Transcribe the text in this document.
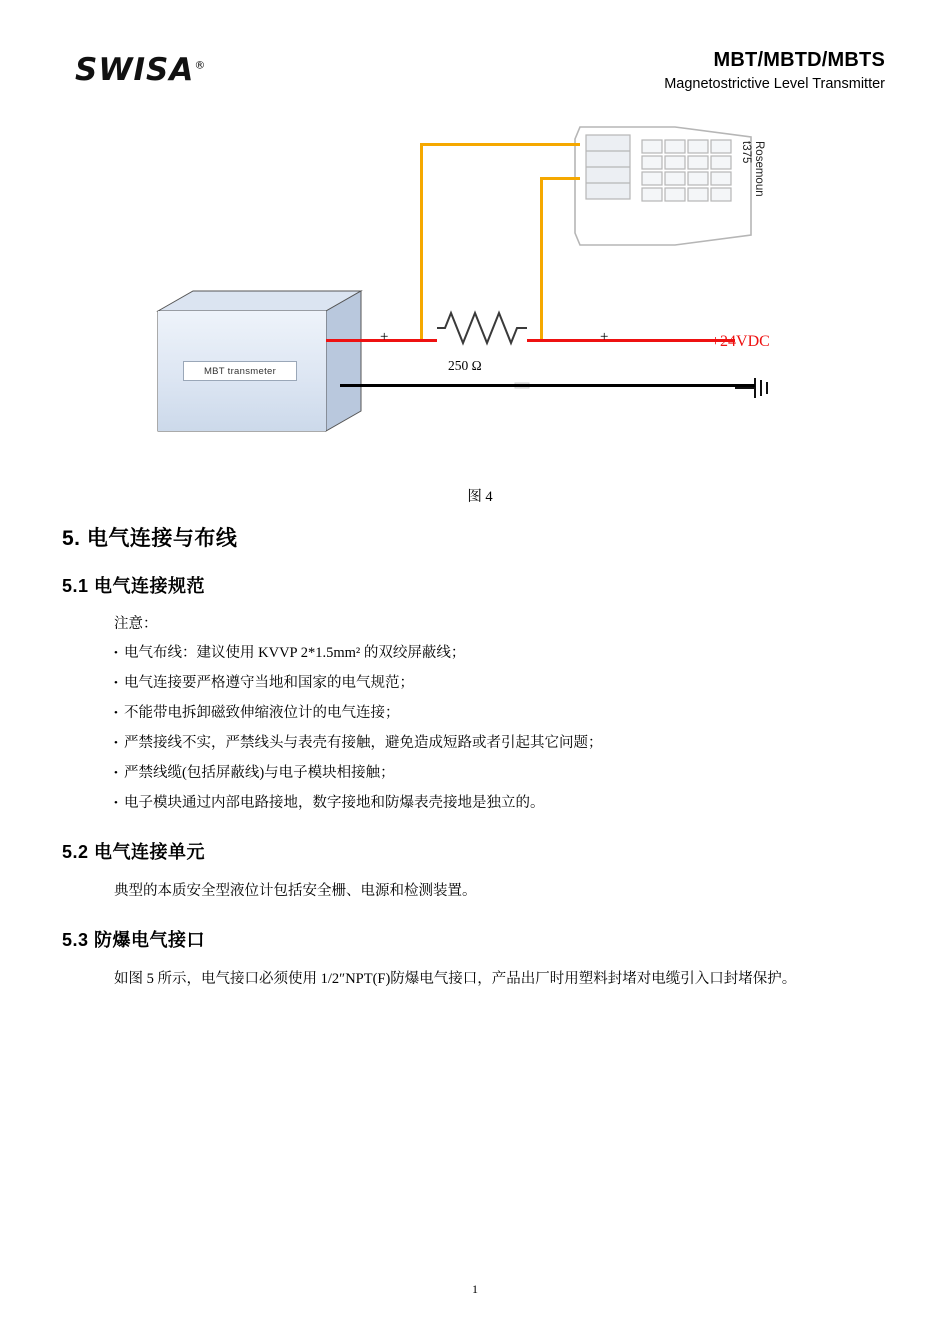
SWISA®	MBT/MBTD/MBTS
Magnetostrictive Level Transmitter
MBT transmeter
+	+	+24VDC
250 Ω
Rosemoun t375
图 4
5. 电气连接与布线
5.1 电气连接规范
注意：
• 电气布线：建议使用 KVVP 2*1.5mm² 的双绞屏蔽线；
• 电气连接要严格遵守当地和国家的电气规范；
• 不能带电拆卸磁致伸缩液位计的电气连接；
• 严禁接线不实，严禁线头与表壳有接触，避免造成短路或者引起其它问题；
• 严禁线缆(包括屏蔽线)与电子模块相接触；
• 电子模块通过内部电路接地，数字接地和防爆表壳接地是独立的。
5.2 电气连接单元
典型的本质安全型液位计包括安全栅、电源和检测装置。
5.3 防爆电气接口
如图 5 所示，电气接口必须使用 1/2″NPT(F)防爆电气接口，产品出厂时用塑料封堵对电缆引入口封堵保护。
1
